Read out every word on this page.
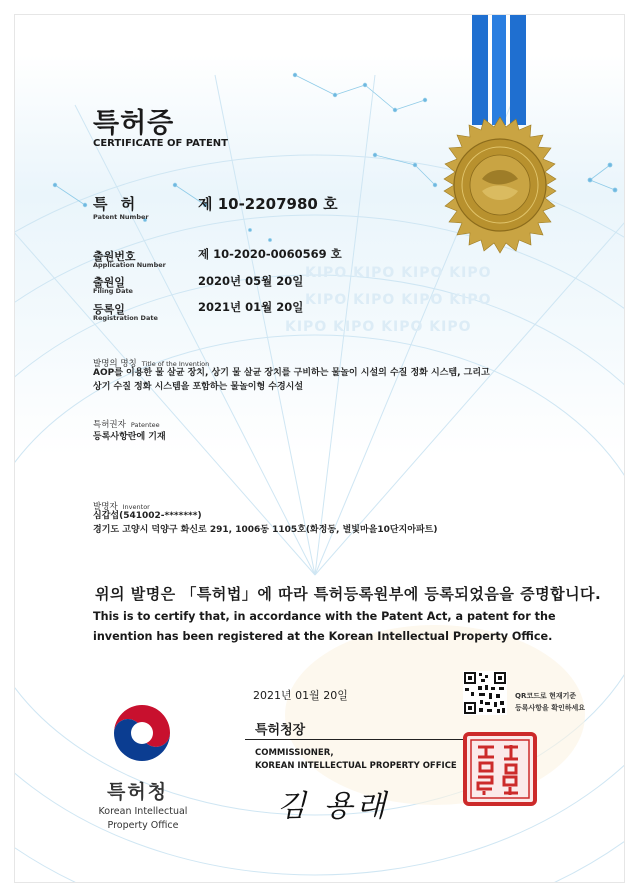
KIPO KIPO KIPO KIPO
KIPO KIPO KIPO KIPO
KIPO KIPO KIPO KIPO
특허증
CERTIFICATE OF PATENT
특 허
Patent Number
제 10-2207980 호
출원번호
Application Number
제 10-2020-0060569 호
출원일
Filing Date
2020년 05월 20일
등록일
Registration Date
2021년 01월 20일
발명의 명칭 Title of the Invention
AOP를 이용한 물 살균 장치, 상기 물 살균 장치를 구비하는 물놀이 시설의 수질 정화 시스템, 그리고
상기 수질 정화 시스템을 포함하는 물놀이형 수경시설
특허권자 Patentee
등록사항란에 기재
발명자 Inventor
심갑섭(541002-*******)
경기도 고양시 덕양구 화신로 291, 1006동 1105호(화정동, 별빛마을10단지아파트)
위의 발명은 「특허법」에 따라 특허등록원부에 등록되었음을 증명합니다.
This is to certify that, in accordance with the Patent Act, a patent for the invention has been registered at the Korean Intellectual Property Office.
2021년 01월 20일	QR코드로 현재기준
등록사항을 확인하세요
특허청장
COMMISSIONER,
KOREAN INTELLECTUAL PROPERTY OFFICE
김 용래
특허청
Korean Intellectual
Property Office
